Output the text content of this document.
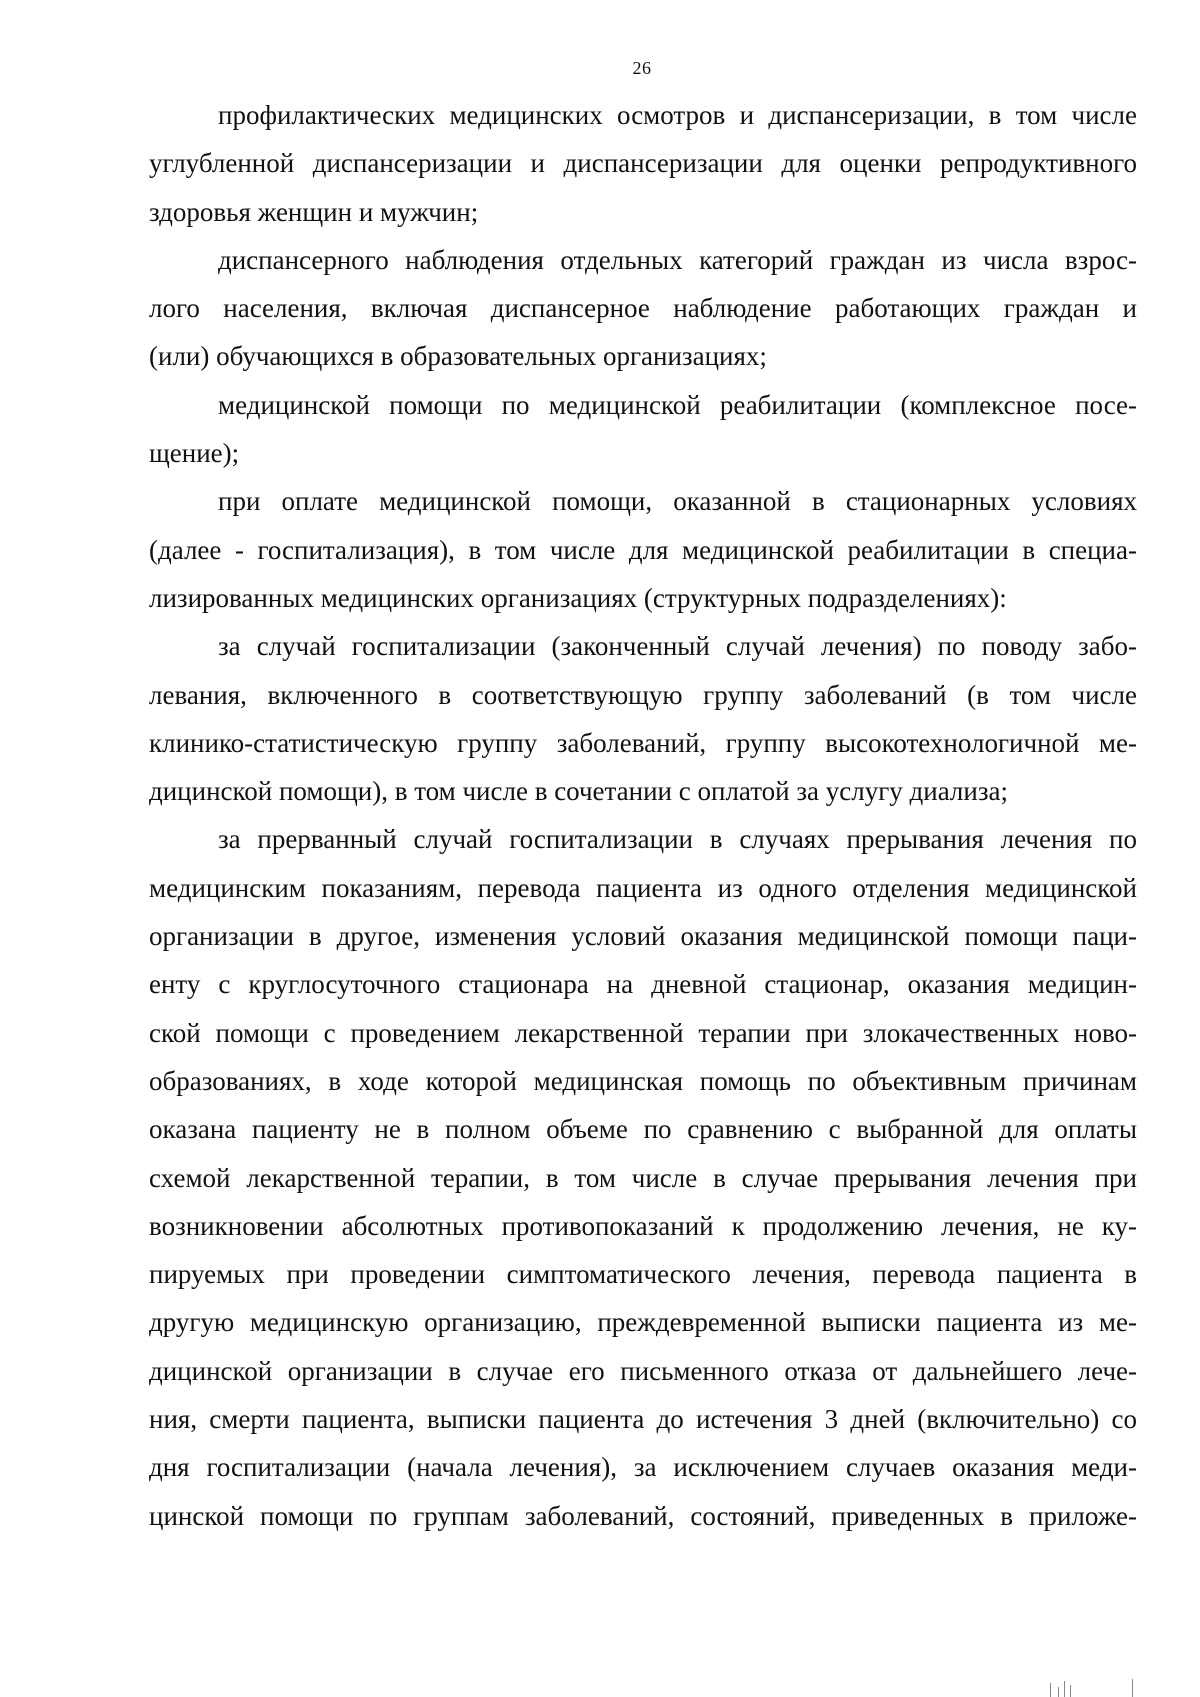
26

профилактических медицинских осмотров и диспансеризации, в том числе
углубленной диспансеризации и диспансеризации для оценки репродуктивного
здоровья женщин и мужчин;

диспансерного наблюдения отдельных категорий граждан из числа взрос-
лого населения, включая диспансерное наблюдение работающих граждан и
(или) обучающихся в образовательных организациях;

медицинской помощи по медицинской реабилитации (комплексное посе-
щение);

при оплате медицинской помощи, оказанной в стационарных условиях
(далее - госпитализация), в том числе для медицинской реабилитации в специа-
лизированных медицинских организациях (структурных подразделениях):

за случай госпитализации (законченный случай лечения) по поводу забо-
левания, включенного в соответствующую группу заболеваний (в том числе
клинико-статистическую группу заболеваний, группу высокотехнологичной ме-
дицинской помощи), в том числе в сочетании с оплатой за услугу диализа;

за прерванный случай госпитализации в случаях прерывания лечения по
медицинским показаниям, перевода пациента из одного отделения медицинской
организации в другое, изменения условий оказания медицинской помощи паци-
енту с круглосуточного стационара на дневной стационар, оказания медицин-
ской помощи с проведением лекарственной терапии при злокачественных ново-
образованиях, в ходе которой медицинская помощь по объективным причинам
оказана пациенту не в полном объеме по сравнению с выбранной для оплаты
схемой лекарственной терапии, в том числе в случае прерывания лечения при
возникновении абсолютных противопоказаний к продолжению лечения, не ку-
пируемых при проведении симптоматического лечения, перевода пациента в
другую медицинскую организацию, преждевременной выписки пациента из ме-
дицинской организации в случае его письменного отказа от дальнейшего лече-
ния, смерти пациента, выписки пациента до истечения 3 дней (включительно) со
дня госпитализации (начала лечения), за исключением случаев оказания меди-
цинской помощи по группам заболеваний, состояний, приведенных в приложе-
